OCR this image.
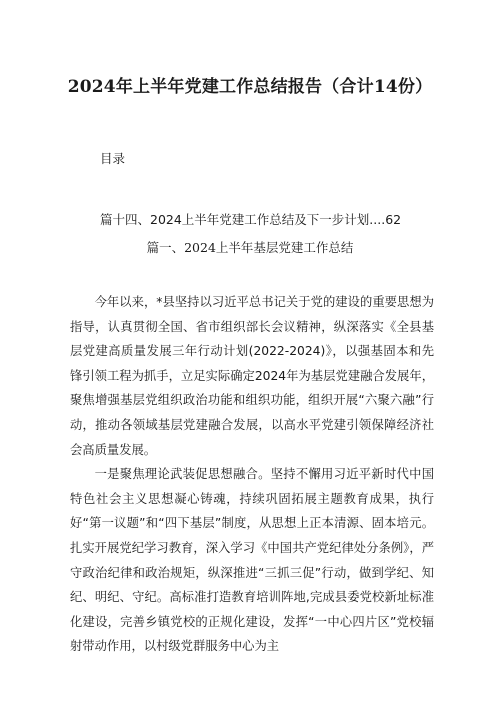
2024年上半年党建工作总结报告（合计14份）
目录
篇十四、2024上半年党建工作总结及下一步计划....62
篇一、2024上半年基层党建工作总结

今年以来，*县坚持以习近平总书记关于党的建设的重要思想为指导，认真贯彻全国、省市组织部长会议精神，纵深落实《全县基层党建高质量发展三年行动计划(2022-2024)》，以强基固本和先锋引领工程为抓手，立足实际确定2024年为基层党建融合发展年，聚焦增强基层党组织政治功能和组织功能，组织开展“六聚六融”行动，推动各领域基层党建融合发展，以高水平党建引领保障经济社会高质量发展。

一是聚焦理论武装促思想融合。坚持不懈用习近平新时代中国特色社会主义思想凝心铸魂，持续巩固拓展主题教育成果，执行好“第一议题”和“四下基层”制度，从思想上正本清源、固本培元。扎实开展党纪学习教育，深入学习《中国共产党纪律处分条例》，严守政治纪律和政治规矩，纵深推进“三抓三促”行动，做到学纪、知纪、明纪、守纪。高标准打造教育培训阵地,完成县委党校新址标准化建设，完善乡镇党校的正规化建设，发挥“一中心四片区”党校辐射带动作用，以村级党群服务中心为主
